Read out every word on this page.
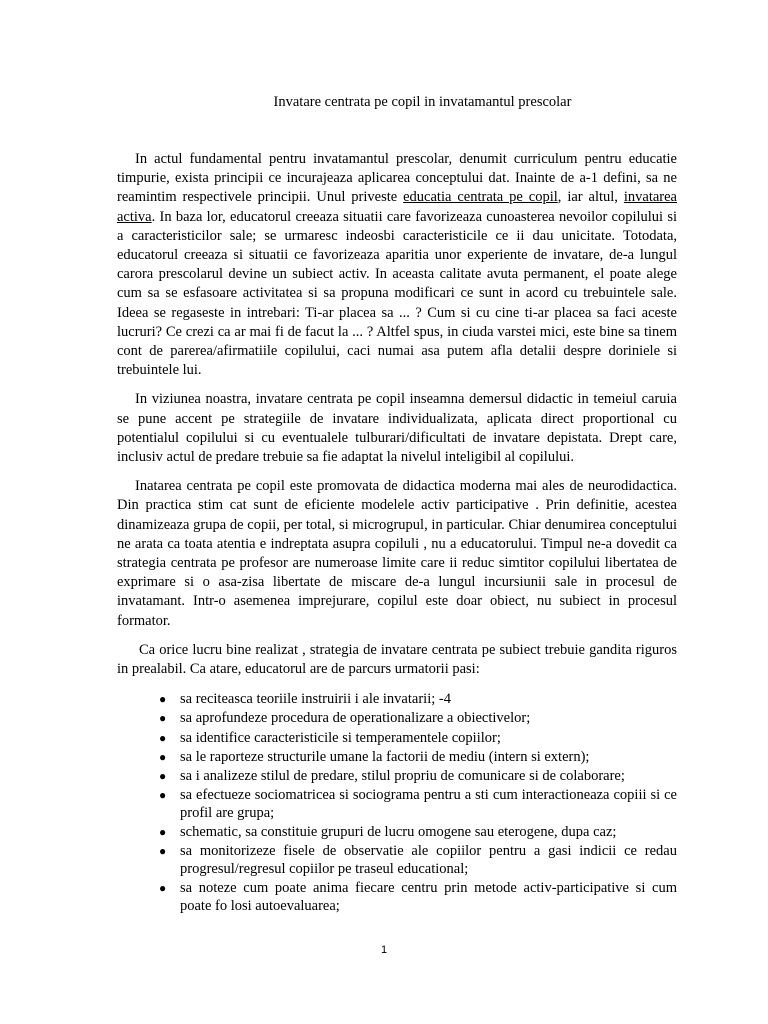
Invatare centrata pe copil in invatamantul prescolar

In actul fundamental pentru invatamantul prescolar, denumit curriculum pentru educatie timpurie, exista principii ce incurajeaza aplicarea conceptului dat. Inainte de a-1 defini, sa ne reamintim respectivele principii. Unul priveste educatia centrata pe copil, iar altul, invatarea activa. In baza lor, educatorul creeaza situatii care favorizeaza cunoasterea nevoilor copilului si a caracteristicilor sale; se urmaresc indeosbi caracteristicile ce ii dau unicitate. Totodata, educatorul creeaza si situatii ce favorizeaza aparitia unor experiente de invatare, de-a lungul carora prescolarul devine un subiect activ. In aceasta calitate avuta permanent, el poate alege cum sa se esfasoare activitatea si sa propuna modificari ce sunt in acord cu trebuintele sale. Ideea se regaseste in intrebari: Ti-ar placea sa ... ? Cum si cu cine ti-ar placea sa faci aceste lucruri? Ce crezi ca ar mai fi de facut la ... ? Altfel spus, in ciuda varstei mici, este bine sa tinem cont de parerea/afirmatiile copilului, caci numai asa putem afla detalii despre doriniele si trebuintele lui.

In viziunea noastra, invatare centrata pe copil inseamna demersul didactic in temeiul caruia se pune accent pe strategiile de invatare individualizata, aplicata direct proportional cu potentialul copilului si cu eventualele tulburari/dificultati de invatare depistata. Drept care, inclusiv actul de predare trebuie sa fie adaptat la nivelul inteligibil al copilului.

Inatarea centrata pe copil este promovata de didactica moderna mai ales de neurodidactica. Din practica stim cat sunt de eficiente modelele activ participative . Prin definitie, acestea dinamizeaza grupa de copii, per total, si microgrupul, in particular. Chiar denumirea conceptului ne arata ca toata atentia e indreptata asupra copiluli , nu a educatorului. Timpul ne-a dovedit ca strategia centrata pe profesor are numeroase limite care ii reduc simtitor copilului libertatea de exprimare si o asa-zisa libertate de miscare de-a lungul incursiunii sale in procesul de invatamant. Intr-o asemenea imprejurare, copilul este doar obiect, nu subiect in procesul formator.

Ca orice lucru bine realizat , strategia de invatare centrata pe subiect trebuie gandita riguros in prealabil. Ca atare, educatorul are de parcurs urmatorii pasi:

● sa reciteasca teoriile instruirii i ale invatarii; -4
● sa aprofundeze procedura de operationalizare a obiectivelor;
● sa identifice caracteristicile si temperamentele copiilor;
● sa le raporteze structurile umane la factorii de mediu (intern si extern);
● sa i analizeze stilul de predare, stilul propriu de comunicare si de colaborare;
● sa efectueze sociomatricea si sociograma pentru a sti cum interactioneaza copiii si ce profil are grupa;
● schematic, sa constituie grupuri de lucru omogene sau eterogene, dupa caz;
● sa monitorizeze fisele de observatie ale copiilor pentru a gasi indicii ce redau progresul/regresul copiilor pe traseul educational;
● sa noteze cum poate anima fiecare centru prin metode activ-participative si cum poate fo losi autoevaluarea;
1
